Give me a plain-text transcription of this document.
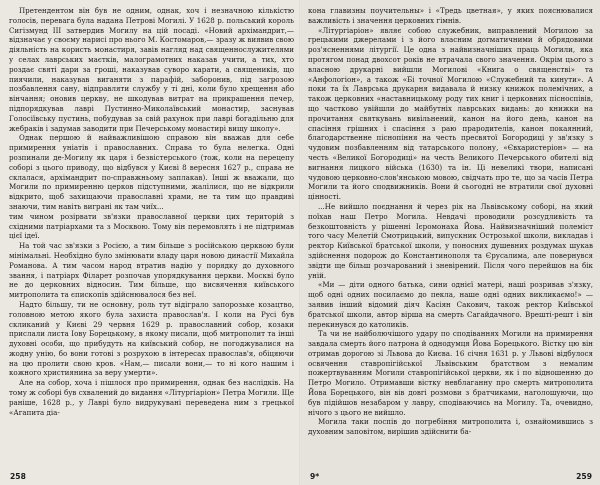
Претендентом він був не одним, однак, хоч і незначною кількістю голосів, перевага була надана Петрові Могилі. У 1628 р. польський король Сигізмунд ІІІ затвердив Могилу на цій посаді. «Новий архімандрит,— відзначає у своєму нарисі про нього М. Костомаров,— зразу ж виявив свою діяльність на користь монастиря, завів нагляд над священнослужителями у селах лаврських маєтків, малограмотних наказав учити, а тих, хто роздає святі дари за гроші, наказував суворо карати, а священиків, що пиячили, наказував виганяти з парафій, заборонив, під загрозою позбавлення сану, відправляти службу у ті дні, коли було хрещення або вінчання; оновив церкву, не шкодував витрат на прикрашення печер, підпорядкував лаврі Пустинно-Миколаївський монастир, заснував Голосіївську пустинь, побудував за свій рахунок при лаврі богадільню для жебраків і задумав заводити при Печерському монастирі вищу школу».

Однак першою й найважливішою справою він вважав для себе примирення уніатів і православних. Справа то була нелегка. Одні розпинали де-Могилу як царя і безвістерського (тож, коли на перецепу соборі з цього приводу, що відбувся у Києві 8 вересня 1627 р., справа не склалася, архімандрит по-справжньому заплакав). Інші ж вважали, що Могили по примиренню церков підступними, жалілися, що не відкрили відкрито, щоб захищаючи православні храми, не та тим що правдиві знаючи, тим навіть виграні як там чиїх...

тим чином розірвати зв'язки православної церкви цих територій з східними патріархами та з Москвою. Тому він перемовлять і не підтримав цієї ідеї.

На той час зв'язки з Росією, а тим більше з російською церквою були мінімальні. Необхідно було змінювати владу царя новою династії Михайла Романова. А тим часом народ втратив надію у порядку до духовного звання, і патріарх Філарет розпочав упорядкування церкви. Москві було не до церковних відносин. Тим більше, що висвячення київського митрополита та єпископів здійснювалося без неї.

Надто більшу, ти не основну, роль тут відіграло запорозьке козацтво, головною метою якого була захиста православ'я. І коли на Русі був скликаний у Києві 29 червня 1629 р. православний собор, козаки прислали листа Іову Борецькому, в якому писали, щоб митрополит та інші духовні особи, що прибудуть на київський собор, не погоджувалися на жодну унію, бо вони готові з розрухою в інтересах православ'я, обіцяючи на цю пролити свою кров. «Нам,— писали вони,— то ні кого нашим і кожного християнина за веру умерти».

Але на собор, хоча і пішлося про примирення, однак без наслідків. На тому ж соборі був схвалений до видання «Літургіаріон» Петра Могили. Ще раніше, 1628 р., у Лаврі було видрукувані переведена ним з грецької «Агапита діа-

258

кона главизны поучительны» і «Тредь цветная», у яких пояснювалися важливість і значення церковних гімнів.

«Літургіаріон» являє собою служебник, виправлений Могилою за грецькими джерелами і з його власним догматичними й обрядовими роз'ясненнями літургії. Це одна з найвизначніших праць Могили, яка протягом понад двохсот років не втрачала свого значення. Окрім цього з власною друкарні вийшли Могилові «Книга о священстві» та «Анфологіон», а також «Бі точної Могилою «Служебний та кинути». А поки та їх Лаврська друкарня видавала й низку книжок полемічних, а також церковних «наставницькому роду тих книг і церковних пісноспівів, що частково увійшли до майбутніх лаврських видань: до книжки на прочитання святкувань вивільнений, канон на його день, канон на спасіння грішних і спасіння з раю прародителів, канон покаянний, благодарственне піснопіння на честь пресвятої Богородиці у зв'язку з чудовим позбавленням від татарського полону, «Євхаристеріон» — на честь «Великої Богородиці» на честь Великого Печерського обителі від вигнання лицкого війська (1630) та ін. Ці невеликі твори, написані чудовою церковно-слов'янською мовою, свідчать про те, що за часів Петра Могили та його сподвижників. Вони й сьогодні не втратили свої духовні цінності.

...Не вийшло поєднання й через рік на Львівському соборі, на який поїхав наш Петро Могила. Невдачі проводили розсудливість та безкоштовність у рішенні Ієромонаха Йова. Найвизначніший полеміст того часу Мелетій Смотрицький, випускник Острозької школи, викладав і ректор Київської братської школи, у поносних душевних роздумах шукав здійснення подорож до Константинополя та Єрусалима, але повернувся звідти ще більш розчарований і зневірений. Після чого перейшов на бік уній.

«Ми — діти одного батька, сини однієї матері, наші розривав з'язку, щоб одні одних посилаємо до пекла, наше одні одних викликаємо!» — заявив інший відомий діяч Касіян Сакович, також ректор Київської братської школи, автор вірша на смерть Сагайдачного. Врешті-решт і він перекинувся до католиків.

Та чи не найболючішого удару по сподіваннях Могили на примирення завдала смерть його патрона й однодумця Йова Борецького. Вістку цю він отримав дорогою зі Львова до Києва. 16 січня 1631 р. у Львові відбулося освячення ставропігійської Львівським братством з немалим пожертвуванням Могили ставропігійської церкви, як і по відношенню до Петро Могило. Отримавши вістку невблаганну про смерть митрополита Йова Борецького, він вів довгі розмови з братчиками, наголошуючи, що був підійшов незабаром у лавру, сподіваючись на Могилу. Та, очевидно, нічого з цього не вийшло.

Могила таки поспів до погребіння митрополита і, ознайомившись з духовним заповітом, вирішив здійснити ба-

9*	259
